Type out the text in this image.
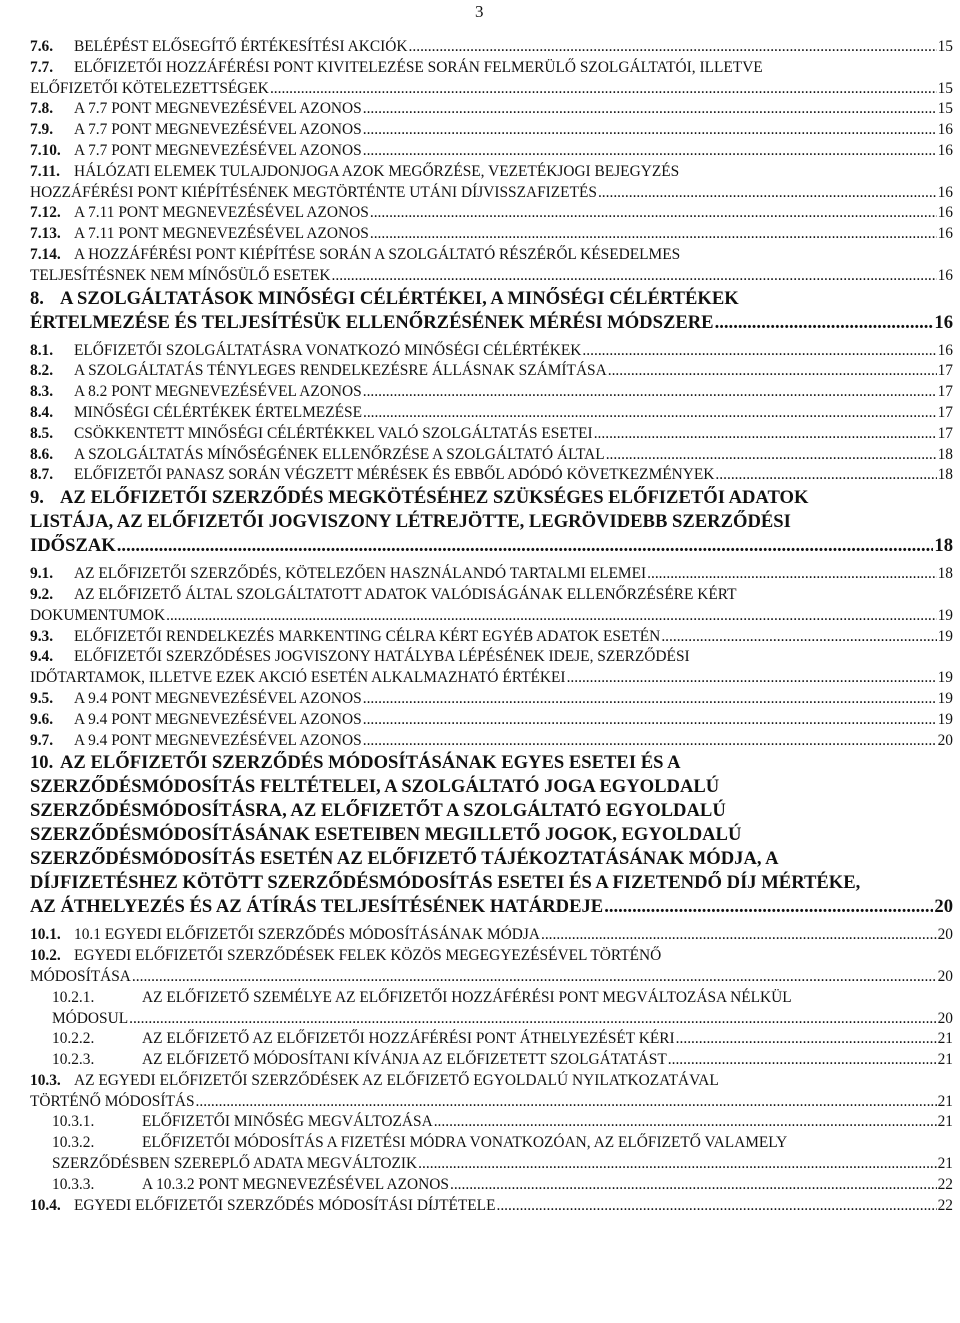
3
7.6. BELÉPÉST ELŐSEGÍTŐ ÉRTÉKESÍTÉSI AKCIÓK .....	15
7.7. ELŐFIZETŐI HOZZÁFÉRÉSI PONT KIVITELEZÉSE SORÁN FELMERÜLŐ SZOLGÁLTATÓI, ILLETVE
ELŐFIZETŐI KÖTELEZETTSÉGEK .....	15
7.8. A 7.7 PONT MEGNEVEZÉSÉVEL AZONOS .....	15
7.9. A 7.7 PONT MEGNEVEZÉSÉVEL AZONOS .....	16
7.10. A 7.7 PONT MEGNEVEZÉSÉVEL AZONOS .....	16
7.11. HÁLÓZATI ELEMEK TULAJDONJOGA AZOK MEGŐRZÉSE, VEZETÉKJOGI BEJEGYZÉS
HOZZÁFÉRÉSI PONT KIÉPÍTÉSÉNEK MEGTÖRTÉNTE UTÁNI DÍJVISSZAFIZETÉS .....	16
7.12. A 7.11 PONT MEGNEVEZÉSÉVEL AZONOS .....	16
7.13. A 7.11 PONT MEGNEVEZÉSÉVEL AZONOS .....	16
7.14. A HOZZÁFÉRÉSI PONT KIÉPÍTÉSE SORÁN A SZOLGÁLTATÓ RÉSZÉRŐL KÉSEDELMES
TELJESÍTÉSNEK NEM MÍNŐSÜLŐ ESETEK .....	16
8. A SZOLGÁLTATÁSOK MINŐSÉGI CÉLÉRTÉKEI, A MINŐSÉGI CÉLÉRTÉKEK
ÉRTELMEZÉSE ÉS TELJESÍTÉSÜK ELLENŐRZÉSÉNEK MÉRÉSI MÓDSZERE .....	16
8.1. ELŐFIZETŐI SZOLGÁLTATÁSRA VONATKOZÓ MINŐSÉGI CÉLÉRTÉKEK .....	16
8.2. A SZOLGÁLTATÁS TÉNYLEGES RENDELKEZÉSRE ÁLLÁSNAK SZÁMÍTÁSA .....	17
8.3. A 8.2 PONT MEGNEVEZÉSÉVEL AZONOS .....	17
8.4. MINŐSÉGI CÉLÉRTÉKEK ÉRTELMEZÉSE .....	17
8.5. CSÖKKENTETT MINŐSÉGI CÉLÉRTÉKKEL VALÓ SZOLGÁLTATÁS ESETEI .....	17
8.6. A SZOLGÁLTATÁS MÍNŐSÉGÉNEK ELLENŐRZÉSE A SZOLGÁLTATÓ ÁLTAL .....	18
8.7. ELŐFIZETŐI PANASZ SORÁN VÉGZETT MÉRÉSEK ÉS EBBŐL ADÓDÓ KÖVETKEZMÉNYEK .....	18
9. AZ ELŐFIZETŐI SZERZŐDÉS MEGKÖTÉSÉHEZ SZÜKSÉGES ELŐFIZETŐI ADATOK
LISTÁJA, AZ ELŐFIZETŐI JOGVISZONY LÉTREJÖTTE, LEGRÖVIDEBB SZERZŐDÉSI
IDŐSZAK .....	18
9.1. AZ ELŐFIZETŐI SZERZŐDÉS, KÖTELEZŐEN HASZNÁLANDÓ TARTALMI ELEMEI .....	18
9.2. AZ ELŐFIZETŐ ÁLTAL SZOLGÁLTATOTT ADATOK VALÓDISÁGÁNAK ELLENŐRZÉSÉRE KÉRT
DOKUMENTUMOK .....	19
9.3. ELŐFIZETŐI RENDELKEZÉS MARKENTING CÉLRA KÉRT EGYÉB ADATOK ESETÉN .....	19
9.4. ELŐFIZETŐI SZERZŐDÉSES JOGVISZONY HATÁLYBA LÉPÉSÉNEK IDEJE, SZERZŐDÉSI
IDŐTARTAMOK, ILLETVE EZEK AKCIÓ ESETÉN ALKALMAZHATÓ ÉRTÉKEI .....	19
9.5. A 9.4 PONT MEGNEVEZÉSÉVEL AZONOS .....	19
9.6. A 9.4 PONT MEGNEVEZÉSÉVEL AZONOS .....	19
9.7. A 9.4 PONT MEGNEVEZÉSÉVEL AZONOS .....	20
10. AZ ELŐFIZETŐI SZERZŐDÉS MÓDOSÍTÁSÁNAK EGYES ESETEI ÉS A
SZERZŐDÉSMÓDOSÍTÁS FELTÉTELEI, A SZOLGÁLTATÓ JOGA EGYOLDALÚ
SZERZŐDÉSMÓDOSÍTÁSRA, AZ ELŐFIZETŐT A SZOLGÁLTATÓ EGYOLDALÚ
SZERZŐDÉSMÓDOSÍTÁSÁNAK ESETEIBEN MEGILLETŐ JOGOK, EGYOLDALÚ
SZERZŐDÉSMÓDOSÍTÁS ESETÉN AZ ELŐFIZETŐ TÁJÉKOZTATÁSÁNAK MÓDJA, A
DÍJFIZETÉSHEZ KÖTÖTT SZERZŐDÉSMÓDOSÍTÁS ESETEI ÉS A FIZETENDŐ DÍJ MÉRTÉKE,
AZ ÁTHELYEZÉS ÉS AZ ÁTÍRÁS TELJESÍTÉSÉNEK HATÁRDEJE .....	20
10.1. 10.1 EGYEDI ELŐFIZETŐI SZERZŐDÉS MÓDOSÍTÁSÁNAK MÓDJA .....	20
10.2. EGYEDI ELŐFIZETŐI SZERZŐDÉSEK FELEK KÖZÖS MEGEGYEZÉSÉVEL TÖRTÉNŐ
MÓDOSÍTÁSA .....	20
10.2.1.	AZ ELŐFIZETŐ SZEMÉLYE AZ ELŐFIZETŐI HOZZÁFÉRÉSI PONT MEGVÁLTOZÁSA NÉLKÜL
MÓDOSUL .....	20
10.2.2.	AZ ELŐFIZETŐ AZ ELŐFIZETŐI HOZZÁFÉRÉSI PONT ÁTHELYEZÉSÉT KÉRI .....	21
10.2.3.	AZ ELŐFIZETŐ MÓDOSÍTANI KÍVÁNJA AZ ELŐFIZETETT SZOLGÁTATÁST .....	21
10.3. AZ EGYEDI ELŐFIZETŐI SZERZŐDÉSEK AZ ELŐFIZETŐ EGYOLDALÚ NYILATKOZATÁVAL
TÖRTÉNŐ MÓDOSÍTÁS .....	21
10.3.1.	ELŐFIZETŐI MINŐSÉG MEGVÁLTOZÁSA .....	21
10.3.2.	ELŐFIZETŐI MÓDOSÍTÁS A FIZETÉSI MÓDRA VONATKOZÓAN, AZ ELŐFIZETŐ VALAMELY
SZERZŐDÉSBEN SZEREPLŐ ADATA MEGVÁLTOZIK .....	21
10.3.3.	A 10.3.2 PONT MEGNEVEZÉSÉVEL AZONOS .....	22
10.4. EGYEDI ELŐFIZETŐI SZERZŐDÉS MÓDOSÍTÁSI DÍJTÉTELE .....	22
